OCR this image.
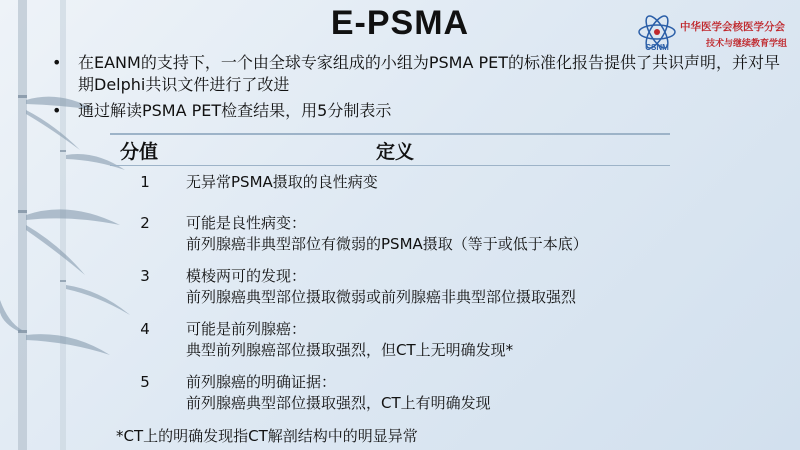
E-PSMA
CSNM
中华医学会核医学分会
技术与继续教育学组
• 在EANM的支持下，一个由全球专家组成的小组为PSMA PET的标准化报告提供了共识声明，并对早期Delphi共识文件进行了改进
• 通过解读PSMA PET检查结果，用5分制表示
分值	定义
1	无异常PSMA摄取的良性病变
2	可能是良性病变：
前列腺癌非典型部位有微弱的PSMA摄取（等于或低于本底）
3	模棱两可的发现：
前列腺癌典型部位摄取微弱或前列腺癌非典型部位摄取强烈
4	可能是前列腺癌：
典型前列腺癌部位摄取强烈，但CT上无明确发现*
5	前列腺癌的明确证据：
前列腺癌典型部位摄取强烈，CT上有明确发现
*CT上的明确发现指CT解剖结构中的明显异常
